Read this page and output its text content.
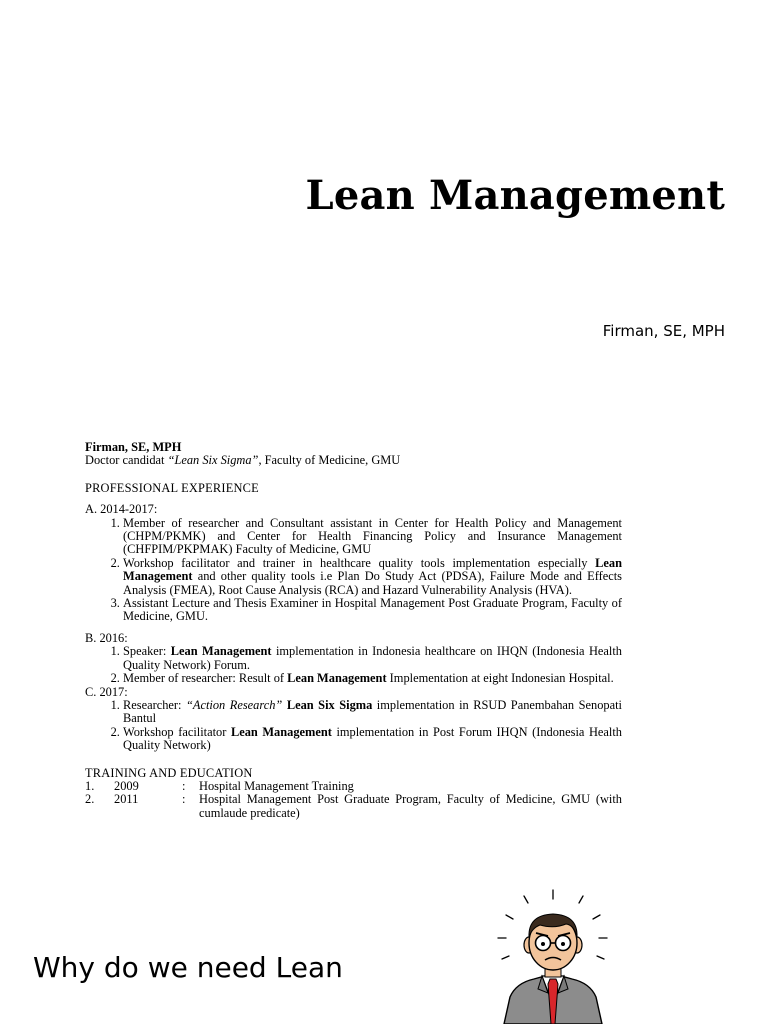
Lean Management
Firman, SE, MPH
Firman, SE, MPH
Doctor candidat “Lean Six Sigma”, Faculty of Medicine, GMU
PROFESSIONAL EXPERIENCE
A. 2014-2017:
1. Member of researcher and Consultant assistant in Center for Health Policy and Management (CHPM/PKMK) and Center for Health Financing Policy and Insurance Management (CHFPIM/PKPMAK) Faculty of Medicine, GMU
2. Workshop facilitator and trainer in healthcare quality tools implementation especially Lean Management and other quality tools i.e Plan Do Study Act (PDSA), Failure Mode and Effects Analysis (FMEA), Root Cause Analysis (RCA) and Hazard Vulnerability Analysis (HVA).
3. Assistant Lecture and Thesis Examiner in Hospital Management Post Graduate Program, Faculty of Medicine, GMU.
B. 2016:
1. Speaker: Lean Management implementation in Indonesia healthcare on IHQN (Indonesia Health Quality Network) Forum.
2. Member of researcher: Result of Lean Management Implementation at eight Indonesian Hospital.
C. 2017:
1. Researcher: “Action Research” Lean Six Sigma implementation in RSUD Panembahan Senopati Bantul
2. Workshop facilitator Lean Management implementation in Post Forum IHQN (Indonesia Health Quality Network)
TRAINING AND EDUCATION
1.	2009	:	Hospital Management Training
2.	2011	:	Hospital Management Post Graduate Program, Faculty of Medicine, GMU (with cumlaude predicate)
Why do we need Lean
